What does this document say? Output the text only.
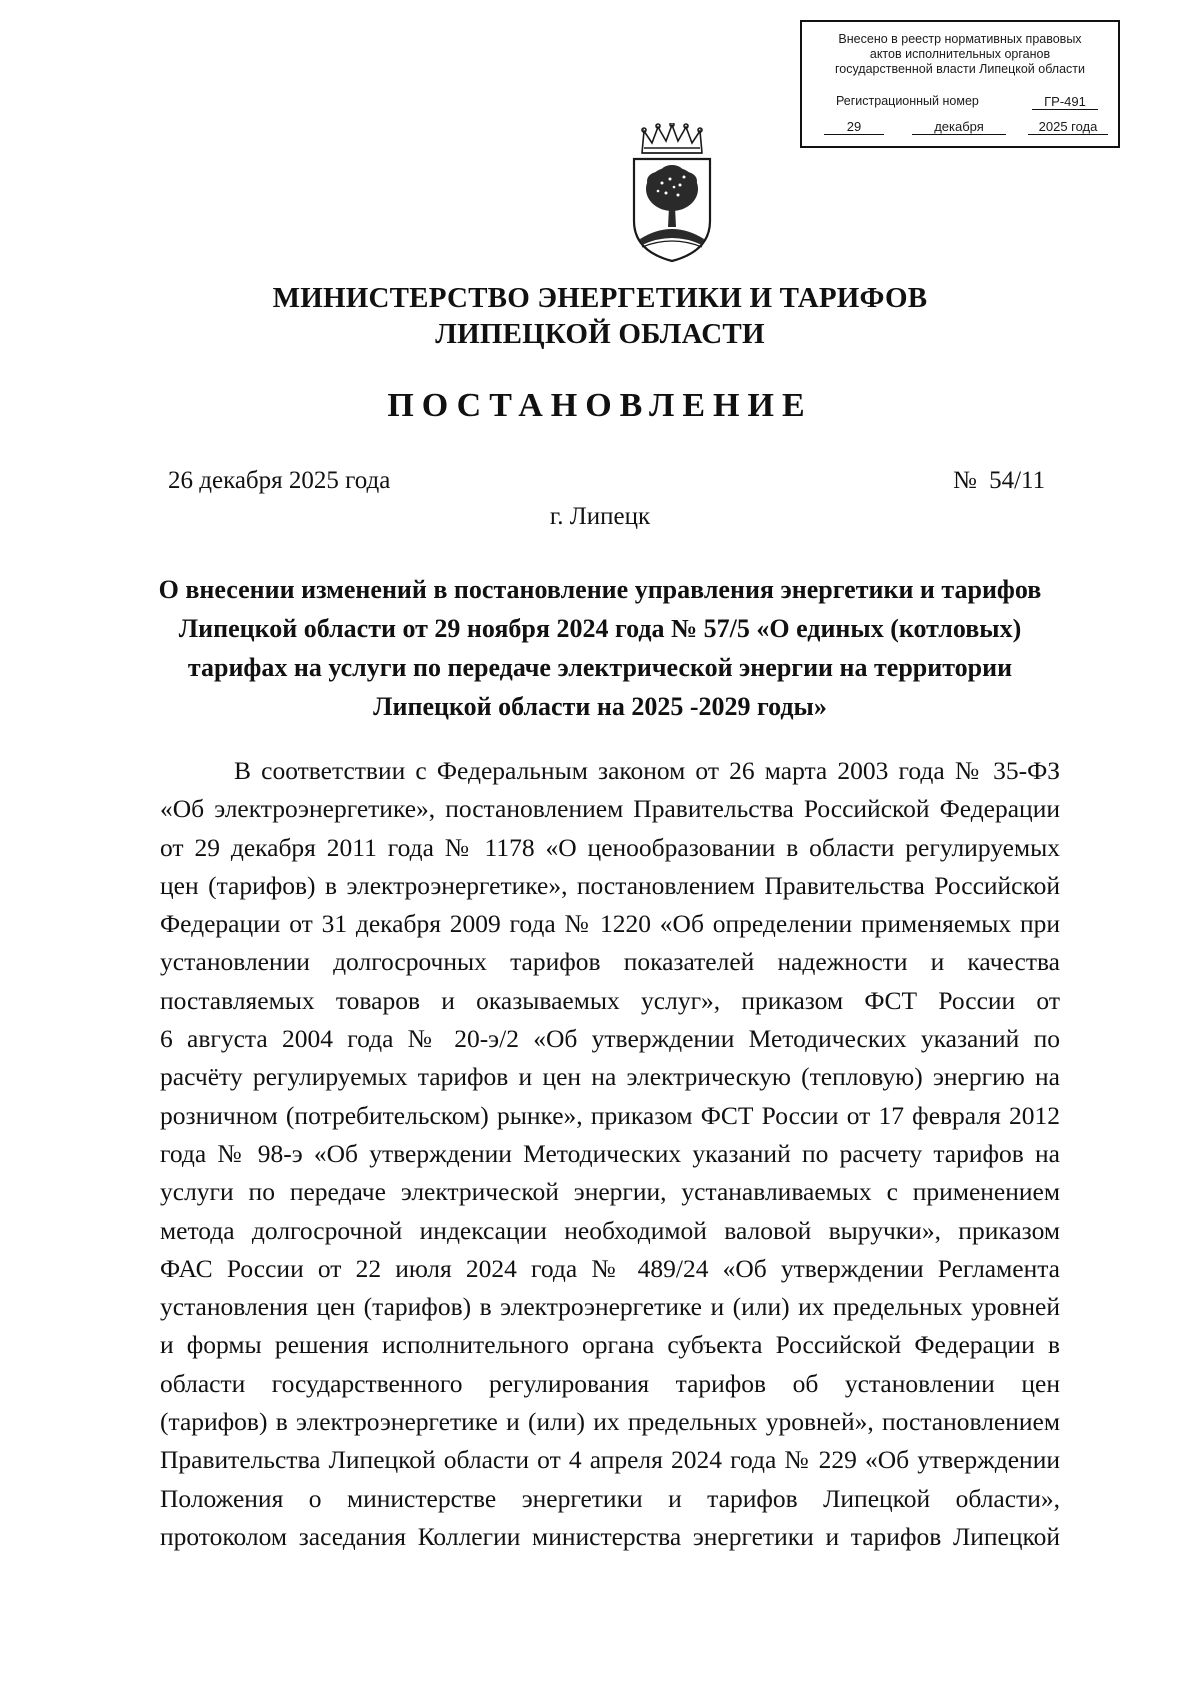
Внесено в реестр нормативных правовых
актов исполнительных органов
государственной власти Липецкой области
Регистрационный номер	ГР-491
29	декабря	2025 года
МИНИСТЕРСТВО ЭНЕРГЕТИКИ И ТАРИФОВ
ЛИПЕЦКОЙ ОБЛАСТИ
ПОСТАНОВЛЕНИЕ
26 декабря 2025 года	№ 54/11
г. Липецк
О внесении изменений в постановление управления энергетики и тарифов
Липецкой области от 29 ноября 2024 года № 57/5 «О единых (котловых)
тарифах на услуги по передаче электрической энергии на территории
Липецкой области на 2025 -2029 годы»
В соответствии с Федеральным законом от 26 марта 2003 года № 35-ФЗ
«Об электроэнергетике», постановлением Правительства Российской Федерации
от 29 декабря 2011 года № 1178 «О ценообразовании в области регулируемых
цен (тарифов) в электроэнергетике», постановлением Правительства Российской
Федерации от 31 декабря 2009 года № 1220 «Об определении применяемых при
установлении долгосрочных тарифов показателей надежности и качества
поставляемых товаров и оказываемых услуг», приказом ФСТ России от
6 августа 2004 года № 20-э/2 «Об утверждении Методических указаний по
расчёту регулируемых тарифов и цен на электрическую (тепловую) энергию на
розничном (потребительском) рынке», приказом ФСТ России от 17 февраля 2012
года № 98-э «Об утверждении Методических указаний по расчету тарифов на
услуги по передаче электрической энергии, устанавливаемых с применением
метода долгосрочной индексации необходимой валовой выручки», приказом
ФАС России от 22 июля 2024 года № 489/24 «Об утверждении Регламента
установления цен (тарифов) в электроэнергетике и (или) их предельных уровней
и формы решения исполнительного органа субъекта Российской Федерации в
области государственного регулирования тарифов об установлении цен
(тарифов) в электроэнергетике и (или) их предельных уровней», постановлением
Правительства Липецкой области от 4 апреля 2024 года № 229 «Об утверждении
Положения о министерстве энергетики и тарифов Липецкой области»,
протоколом заседания Коллегии министерства энергетики и тарифов Липецкой
